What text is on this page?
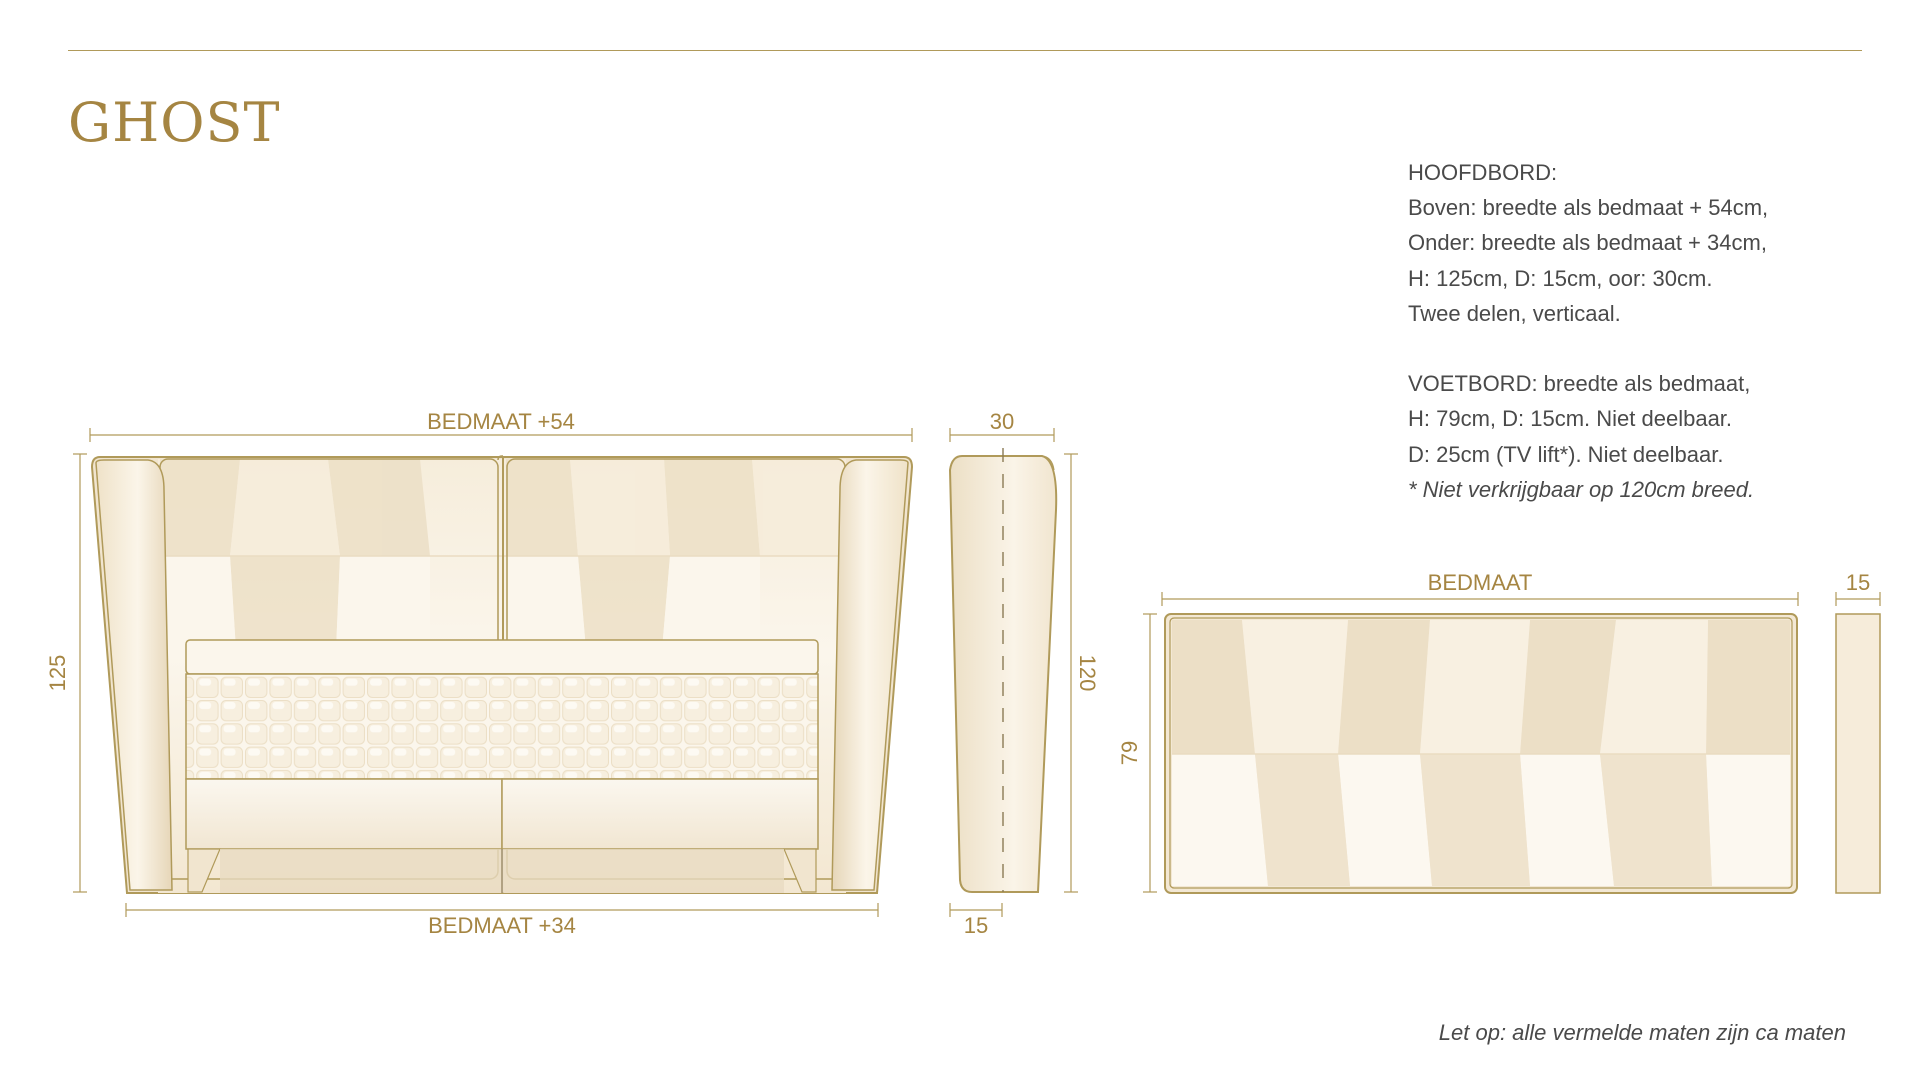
GHOST
HOOFDBORD:
Boven: breedte als bedmaat + 54cm,
Onder: breedte als bedmaat + 34cm,
H: 125cm, D: 15cm, oor: 30cm.
Twee delen, verticaal.
VOETBORD: breedte als bedmaat,
H: 79cm, D: 15cm. Niet deelbaar.
D: 25cm (TV lift*). Niet deelbaar.
* Niet verkrijgbaar op 120cm breed.
BEDMAAT +54
BEDMAAT +34
125
30
15
120
BEDMAAT	15
79
Let op: alle vermelde maten zijn ca maten
